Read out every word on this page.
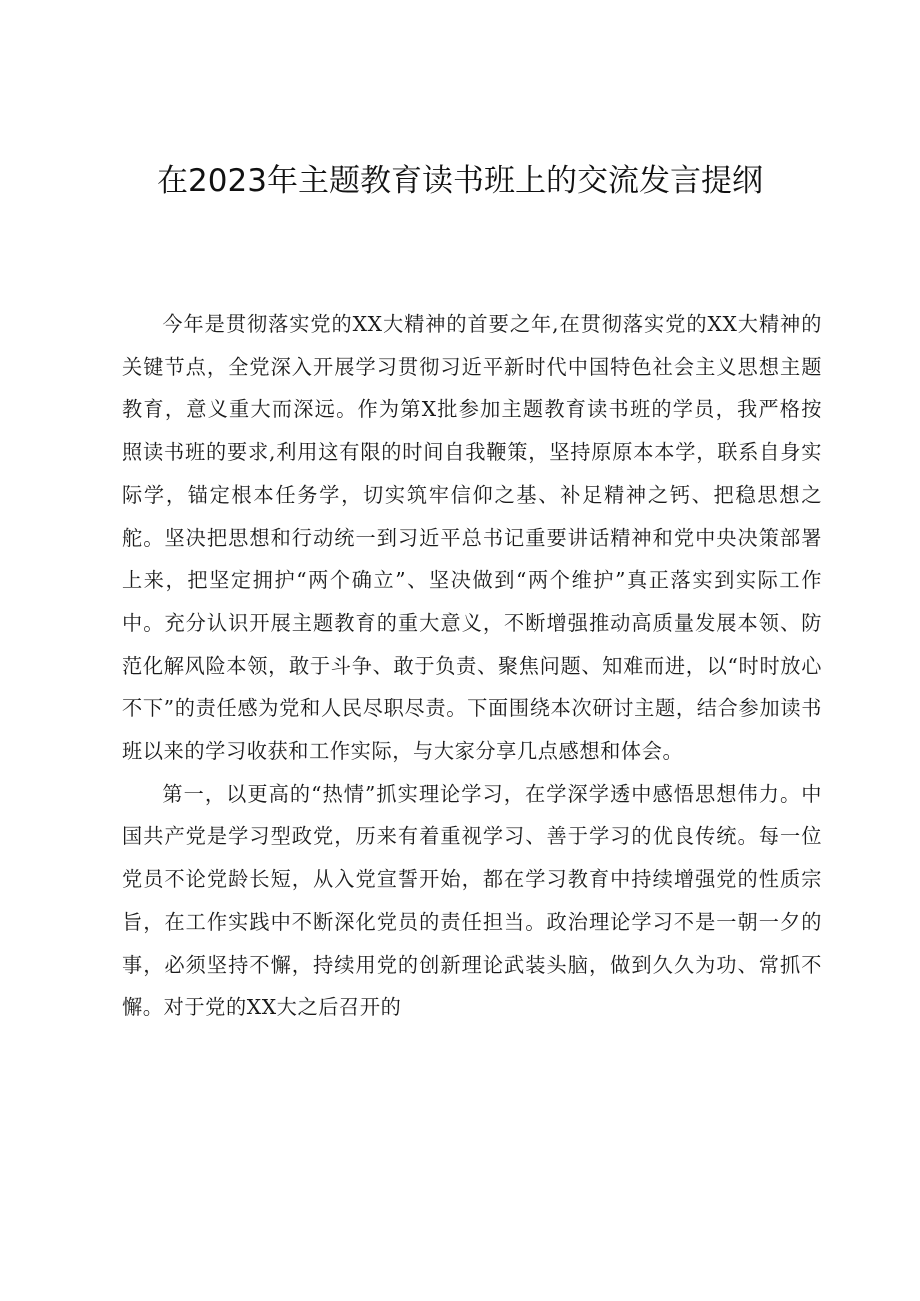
在2023年主题教育读书班上的交流发言提纲

今年是贯彻落实党的XX大精神的首要之年,在贯彻落实党的XX大精神的关键节点，全党深入开展学习贯彻习近平新时代中国特色社会主义思想主题教育，意义重大而深远。作为第X批参加主题教育读书班的学员，我严格按照读书班的要求,利用这有限的时间自我鞭策，坚持原原本本学，联系自身实际学，锚定根本任务学，切实筑牢信仰之基、补足精神之钙、把稳思想之舵。坚决把思想和行动统一到习近平总书记重要讲话精神和党中央决策部署上来，把坚定拥护“两个确立”、坚决做到“两个维护”真正落实到实际工作中。充分认识开展主题教育的重大意义，不断增强推动高质量发展本领、防范化解风险本领，敢于斗争、敢于负责、聚焦问题、知难而进，以“时时放心不下”的责任感为党和人民尽职尽责。下面围绕本次研讨主题，结合参加读书班以来的学习收获和工作实际，与大家分享几点感想和体会。

第一，以更高的“热情”抓实理论学习，在学深学透中感悟思想伟力。中国共产党是学习型政党，历来有着重视学习、善于学习的优良传统。每一位党员不论党龄长短，从入党宣誓开始，都在学习教育中持续增强党的性质宗旨，在工作实践中不断深化党员的责任担当。政治理论学习不是一朝一夕的事，必须坚持不懈，持续用党的创新理论武装头脑，做到久久为功、常抓不懈。对于党的XX大之后召开的
